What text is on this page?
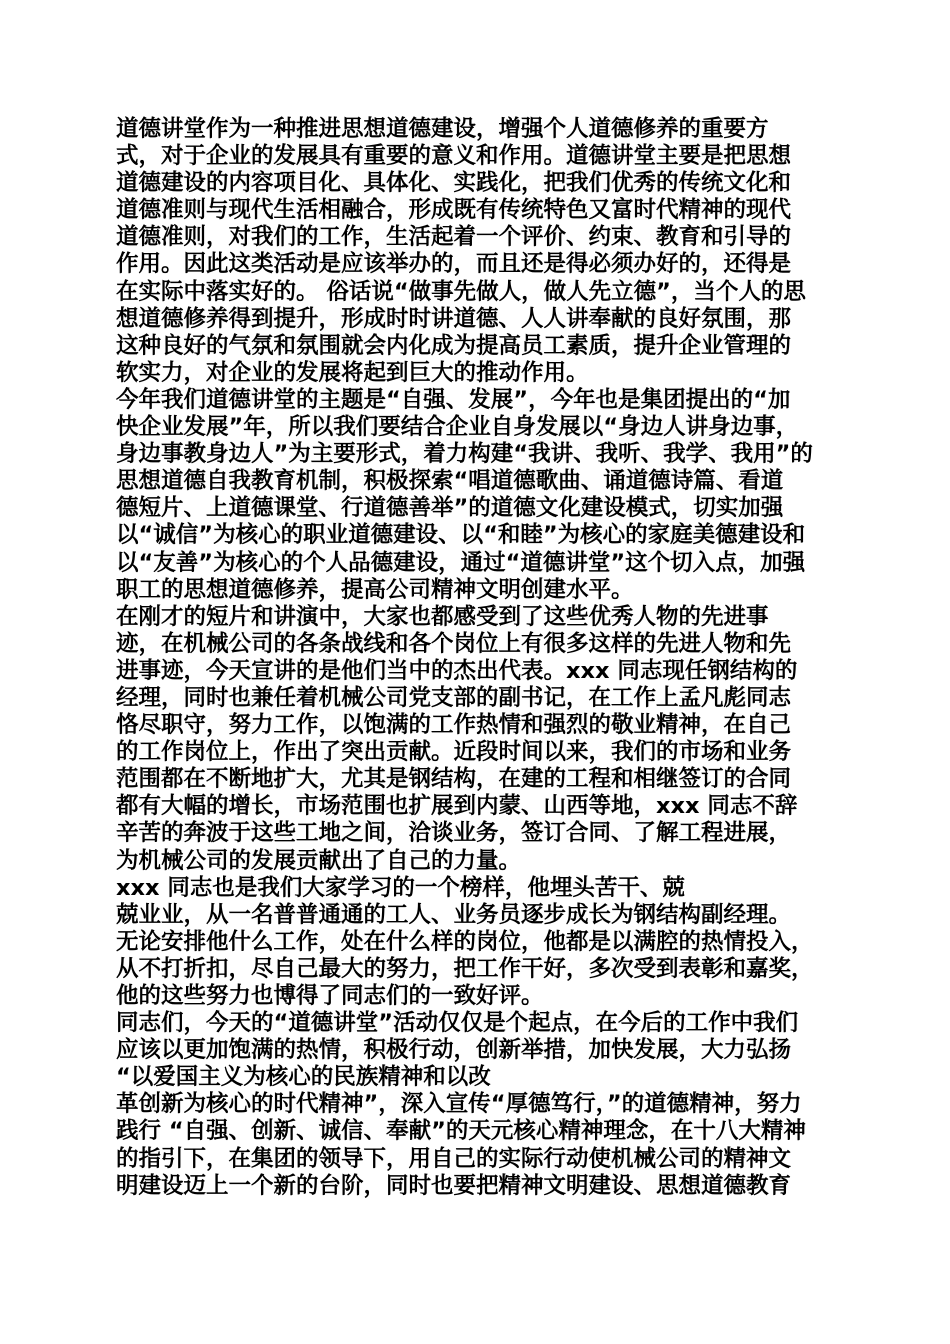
道德讲堂作为一种推进思想道德建设，增强个人道德修养的重要方
式，对于企业的发展具有重要的意义和作用。道德讲堂主要是把思想
道德建设的内容项目化、具体化、实践化，把我们优秀的传统文化和
道德准则与现代生活相融合，形成既有传统特色又富时代精神的现代
道德准则，对我们的工作，生活起着一个评价、约束、教育和引导的
作用。因此这类活动是应该举办的，而且还是得必须办好的，还得是
在实际中落实好的。 俗话说“做事先做人，做人先立德”，当个人的思
想道德修养得到提升，形成时时讲道德、人人讲奉献的良好氛围，那
这种良好的气氛和氛围就会内化成为提高员工素质，提升企业管理的
软实力，对企业的发展将起到巨大的推动作用。
今年我们道德讲堂的主题是“自强、发展”，今年也是集团提出的“加
快企业发展”年，所以我们要结合企业自身发展以“身边人讲身边事，
身边事教身边人”为主要形式，着力构建“我讲、我听、我学、我用”的
思想道德自我教育机制，积极探索“唱道德歌曲、诵道德诗篇、看道
德短片、上道德课堂、行道德善举”的道德文化建设模式，切实加强
以“诚信”为核心的职业道德建设、以“和睦”为核心的家庭美德建设和
以“友善”为核心的个人品德建设，通过“道德讲堂”这个切入点，加强
职工的思想道德修养，提高公司精神文明创建水平。
在刚才的短片和讲演中，大家也都感受到了这些优秀人物的先进事
迹，在机械公司的各条战线和各个岗位上有很多这样的先进人物和先
进事迹，今天宣讲的是他们当中的杰出代表。xxx 同志现任钢结构的
经理，同时也兼任着机械公司党支部的副书记，在工作上孟凡彪同志
恪尽职守，努力工作，以饱满的工作热情和强烈的敬业精神，在自己
的工作岗位上，作出了突出贡献。近段时间以来，我们的市场和业务
范围都在不断地扩大，尤其是钢结构，在建的工程和相继签订的合同
都有大幅的增长，市场范围也扩展到内蒙、山西等地，xxx 同志不辞
辛苦的奔波于这些工地之间，洽谈业务，签订合同、了解工程进展，
为机械公司的发展贡献出了自己的力量。
xxx 同志也是我们大家学习的一个榜样，他埋头苦干、兢
兢业业，从一名普普通通的工人、业务员逐步成长为钢结构副经理。
无论安排他什么工作，处在什么样的岗位，他都是以满腔的热情投入，
从不打折扣，尽自己最大的努力，把工作干好，多次受到表彰和嘉奖，
他的这些努力也博得了同志们的一致好评。
同志们，今天的“道德讲堂”活动仅仅是个起点，在今后的工作中我们
应该以更加饱满的热情，积极行动，创新举措，加快发展，大力弘扬
“以爱国主义为核心的民族精神和以改
革创新为核心的时代精神”，深入宣传“厚德笃行，”的道德精神，努力
践行 “自强、创新、诚信、奉献”的天元核心精神理念，在十八大精神
的指引下，在集团的领导下，用自己的实际行动使机械公司的精神文
明建设迈上一个新的台阶，同时也要把精神文明建设、思想道德教育
